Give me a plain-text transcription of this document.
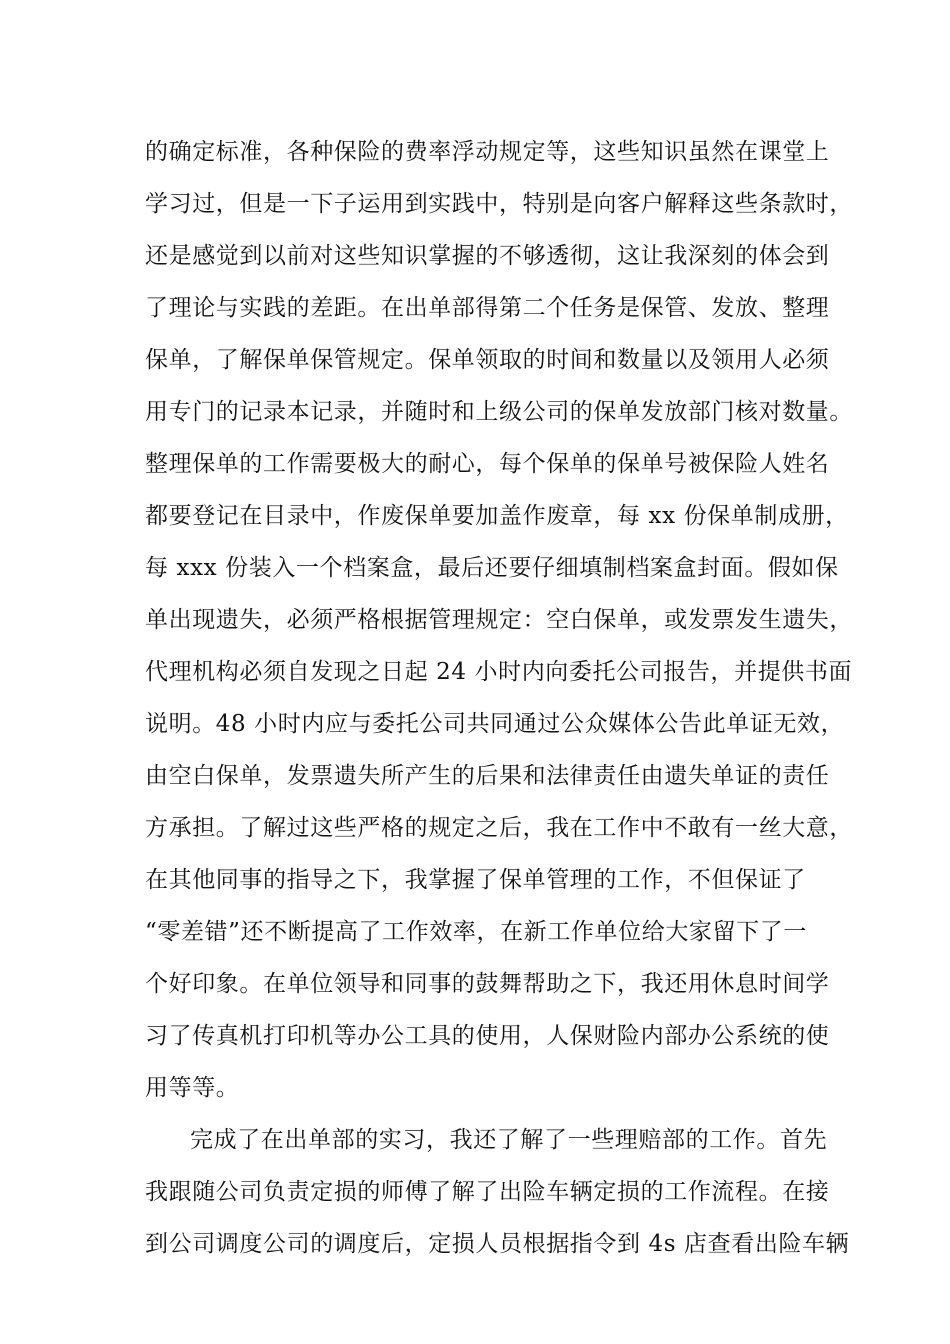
的确定标准，各种保险的费率浮动规定等，这些知识虽然在课堂上
学习过，但是一下子运用到实践中，特别是向客户解释这些条款时，
还是感觉到以前对这些知识掌握的不够透彻，这让我深刻的体会到
了理论与实践的差距。在出单部得第二个任务是保管、发放、整理
保单，了解保单保管规定。保单领取的时间和数量以及领用人必须
用专门的记录本记录，并随时和上级公司的保单发放部门核对数量。
整理保单的工作需要极大的耐心，每个保单的保单号被保险人姓名
都要登记在目录中，作废保单要加盖作废章，每 xx 份保单制成册，
每 xxx 份装入一个档案盒，最后还要仔细填制档案盒封面。假如保
单出现遗失，必须严格根据管理规定：空白保单，或发票发生遗失，
代理机构必须自发现之日起 24 小时内向委托公司报告，并提供书面
说明。48 小时内应与委托公司共同通过公众媒体公告此单证无效，
由空白保单，发票遗失所产生的后果和法律责任由遗失单证的责任
方承担。了解过这些严格的规定之后，我在工作中不敢有一丝大意，
在其他同事的指导之下，我掌握了保单管理的工作，不但保证了
“零差错”还不断提高了工作效率，在新工作单位给大家留下了一
个好印象。在单位领导和同事的鼓舞帮助之下，我还用休息时间学
习了传真机打印机等办公工具的使用，人保财险内部办公系统的使
用等等。
完成了在出单部的实习，我还了解了一些理赔部的工作。首先
我跟随公司负责定损的师傅了解了出险车辆定损的工作流程。在接
到公司调度公司的调度后，定损人员根据指令到 4s 店查看出险车辆
